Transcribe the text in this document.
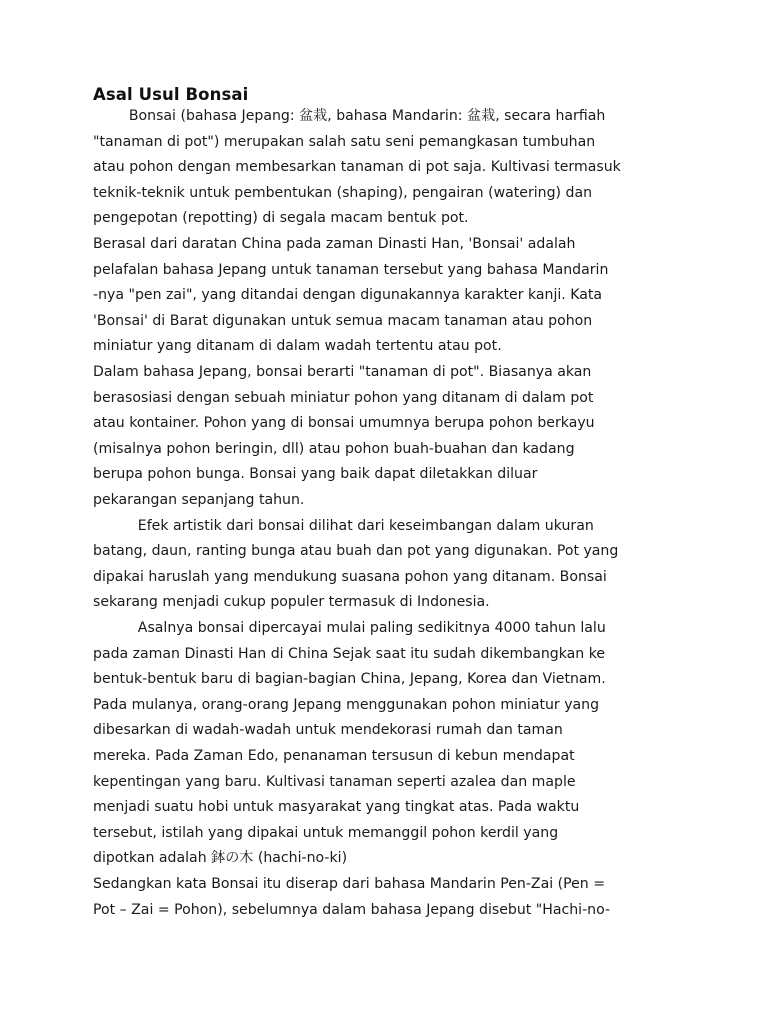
Asal Usul Bonsai
Bonsai (bahasa Jepang: 盆栽, bahasa Mandarin: 盆栽, secara harfiah
"tanaman di pot") merupakan salah satu seni pemangkasan tumbuhan
atau pohon dengan membesarkan tanaman di pot saja. Kultivasi termasuk
teknik-teknik untuk pembentukan (shaping), pengairan (watering) dan
pengepotan (repotting) di segala macam bentuk pot.
Berasal dari daratan China pada zaman Dinasti Han, 'Bonsai' adalah
pelafalan bahasa Jepang untuk tanaman tersebut yang bahasa Mandarin
-nya "pen zai", yang ditandai dengan digunakannya karakter kanji. Kata
'Bonsai' di Barat digunakan untuk semua macam tanaman atau pohon
miniatur yang ditanam di dalam wadah tertentu atau pot.
Dalam bahasa Jepang, bonsai berarti "tanaman di pot". Biasanya akan
berasosiasi dengan sebuah miniatur pohon yang ditanam di dalam pot
atau kontainer. Pohon yang di bonsai umumnya berupa pohon berkayu
(misalnya pohon beringin, dll) atau pohon buah-buahan dan kadang
berupa pohon bunga. Bonsai yang baik dapat diletakkan diluar
pekarangan sepanjang tahun.
Efek artistik dari bonsai dilihat dari keseimbangan dalam ukuran
batang, daun, ranting bunga atau buah dan pot yang digunakan. Pot yang
dipakai haruslah yang mendukung suasana pohon yang ditanam. Bonsai
sekarang menjadi cukup populer termasuk di Indonesia.
Asalnya bonsai dipercayai mulai paling sedikitnya 4000 tahun lalu
pada zaman Dinasti Han di China Sejak saat itu sudah dikembangkan ke
bentuk-bentuk baru di bagian-bagian China, Jepang, Korea dan Vietnam.
Pada mulanya, orang-orang Jepang menggunakan pohon miniatur yang
dibesarkan di wadah-wadah untuk mendekorasi rumah dan taman
mereka. Pada Zaman Edo, penanaman tersusun di kebun mendapat
kepentingan yang baru. Kultivasi tanaman seperti azalea dan maple
menjadi suatu hobi untuk masyarakat yang tingkat atas. Pada waktu
tersebut, istilah yang dipakai untuk memanggil pohon kerdil yang
dipotkan adalah 鉢の木 (hachi-no-ki)
Sedangkan kata Bonsai itu diserap dari bahasa Mandarin Pen-Zai (Pen =
Pot – Zai = Pohon), sebelumnya dalam bahasa Jepang disebut "Hachi-no-
